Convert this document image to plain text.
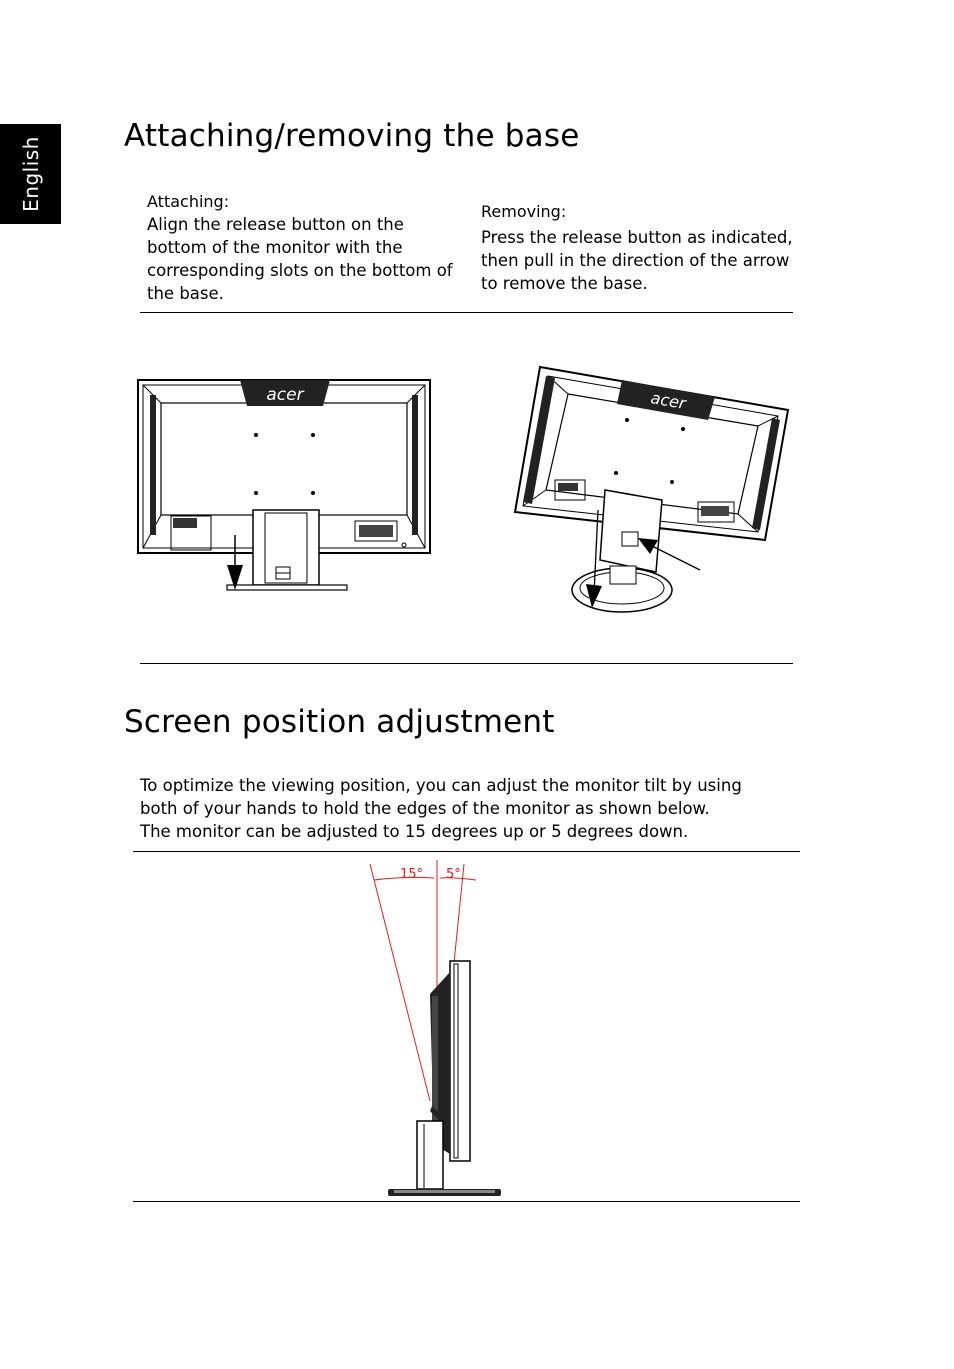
English
Attaching/removing the base
Attaching:
Align the release button on the bottom of the monitor with the corresponding slots on the bottom of the base.
Removing:
Press the release button as indicated, then pull in the direction of the arrow to remove the base.
acer	acer
Screen position adjustment
To optimize the viewing position, you can adjust the monitor tilt by using
both of your hands to hold the edges of the monitor as shown below.
The monitor can be adjusted to 15 degrees up or 5 degrees down.
15° 5°
